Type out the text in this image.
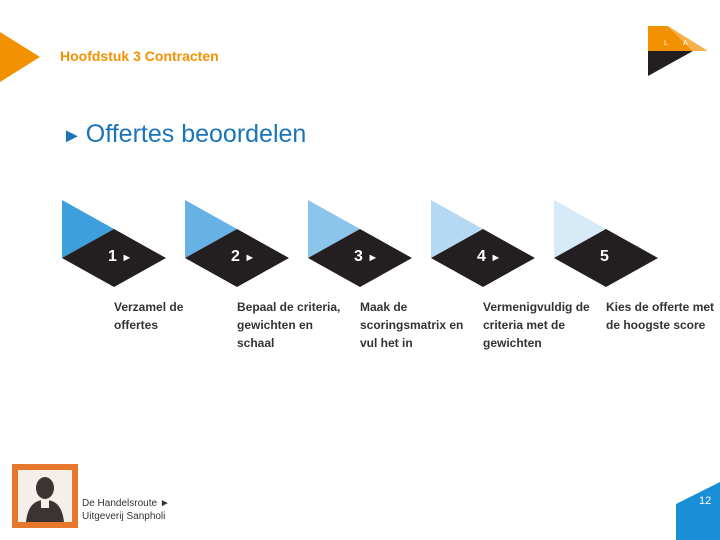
Hoofdstuk 3 Contracten
L A
► Offertes beoordelen
1 ►
Verzamel de offertes
2 ►
Bepaal de criteria, gewichten en schaal
3 ►
Maak de scoringsmatrix en vul het in
4 ►
Vermenigvuldig de criteria met de gewichten
5
Kies de offerte met de hoogste score
De Handelsroute ►
Uitgeverij Sanpholi
12
